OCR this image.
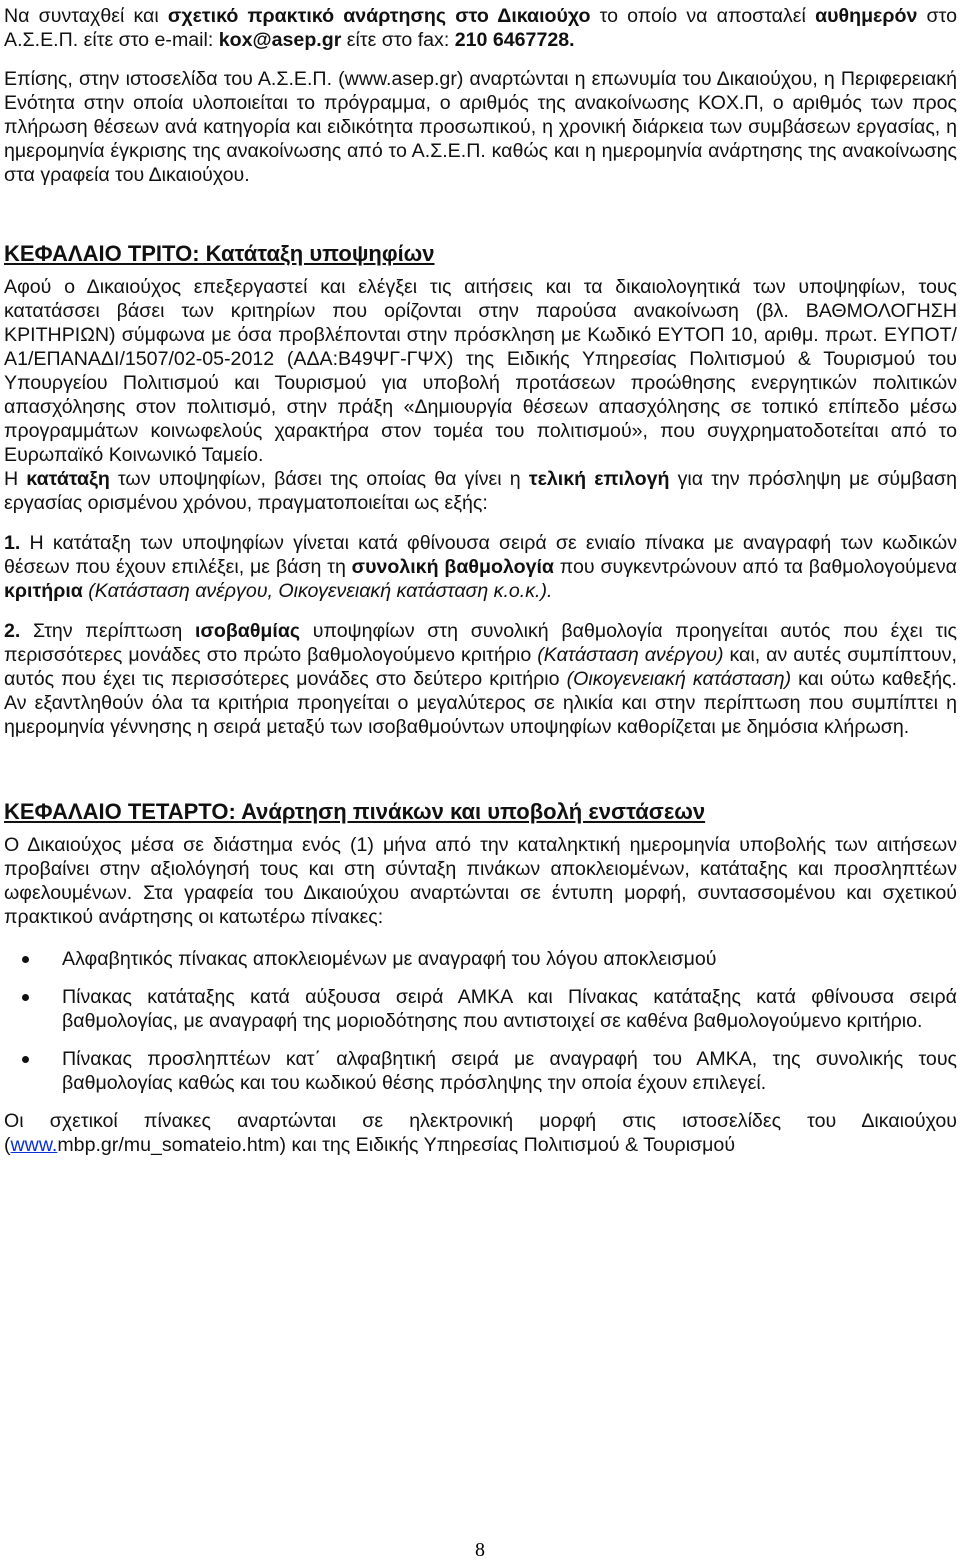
Να συνταχθεί και σχετικό πρακτικό ανάρτησης στο Δικαιούχο το οποίο να αποσταλεί αυθημερόν στο Α.Σ.Ε.Π. είτε στο e-mail: kox@asep.gr είτε στο fax: 210 6467728.

Επίσης, στην ιστοσελίδα του Α.Σ.Ε.Π. (www.asep.gr) αναρτώνται η επωνυμία του Δικαιούχου, η Περιφερειακή Ενότητα στην οποία υλοποιείται το πρόγραμμα, ο αριθμός της ανακοίνωσης ΚΟΧ.Π, ο αριθμός των προς πλήρωση θέσεων ανά κατηγορία και ειδικότητα προσωπικού, η χρονική διάρκεια των συμβάσεων εργασίας, η ημερομηνία έγκρισης της ανακοίνωσης από το Α.Σ.Ε.Π. καθώς και η ημερομηνία ανάρτησης της ανακοίνωσης στα γραφεία του Δικαιούχου.

ΚΕΦΑΛΑΙΟ ΤΡΙΤΟ: Κατάταξη υποψηφίων

Αφού ο Δικαιούχος επεξεργαστεί και ελέγξει τις αιτήσεις και τα δικαιολογητικά των υποψηφίων, τους κατατάσσει βάσει των κριτηρίων που ορίζονται στην παρούσα ανακοίνωση (βλ. ΒΑΘΜΟΛΟΓΗΣΗ ΚΡΙΤΗΡΙΩΝ) σύμφωνα με όσα προβλέπονται στην πρόσκληση με Κωδικό ΕΥΤΟΠ 10, αριθμ. πρωτ. ΕΥΠΟΤ/Α1/ΕΠΑΝΑΔΙ/1507/02-05-2012 (ΑΔΑ:Β49ΨΓ-ΓΨΧ) της Ειδικής Υπηρεσίας Πολιτισμού & Τουρισμού του Υπουργείου Πολιτισμού και Τουρισμού για υποβολή προτάσεων προώθησης ενεργητικών πολιτικών απασχόλησης στον πολιτισμό, στην πράξη «Δημιουργία θέσεων απασχόλησης σε τοπικό επίπεδο μέσω προγραμμάτων κοινωφελούς χαρακτήρα στον τομέα του πολιτισμού», που συγχρηματοδοτείται από το Ευρωπαϊκό Κοινωνικό Ταμείο.

Η κατάταξη των υποψηφίων, βάσει της οποίας θα γίνει η τελική επιλογή για την πρόσληψη με σύμβαση εργασίας ορισμένου χρόνου, πραγματοποιείται ως εξής:

1. Η κατάταξη των υποψηφίων γίνεται κατά φθίνουσα σειρά σε ενιαίο πίνακα με αναγραφή των κωδικών θέσεων που έχουν επιλέξει, με βάση τη συνολική βαθμολογία που συγκεντρώνουν από τα βαθμολογούμενα κριτήρια (Κατάσταση ανέργου, Οικογενειακή κατάσταση κ.ο.κ.).

2. Στην περίπτωση ισοβαθμίας υποψηφίων στη συνολική βαθμολογία προηγείται αυτός που έχει τις περισσότερες μονάδες στο πρώτο βαθμολογούμενο κριτήριο (Κατάσταση ανέργου) και, αν αυτές συμπίπτουν, αυτός που έχει τις περισσότερες μονάδες στο δεύτερο κριτήριο (Οικογενειακή κατάσταση) και ούτω καθεξής. Αν εξαντληθούν όλα τα κριτήρια προηγείται ο μεγαλύτερος σε ηλικία και στην περίπτωση που συμπίπτει η ημερομηνία γέννησης η σειρά μεταξύ των ισοβαθμούντων υποψηφίων καθορίζεται με δημόσια κλήρωση.

ΚΕΦΑΛΑΙΟ ΤΕΤΑΡΤΟ: Ανάρτηση πινάκων και υποβολή ενστάσεων

Ο Δικαιούχος μέσα σε διάστημα ενός (1) μήνα από την καταληκτική ημερομηνία υποβολής των αιτήσεων προβαίνει στην αξιολόγησή τους και στη σύνταξη πινάκων αποκλειομένων, κατάταξης και προσληπτέων ωφελουμένων. Στα γραφεία του Δικαιούχου αναρτώνται σε έντυπη μορφή, συντασσομένου και σχετικού πρακτικού ανάρτησης οι κατωτέρω πίνακες:

Αλφαβητικός πίνακας αποκλειομένων με αναγραφή του λόγου αποκλεισμού
Πίνακας κατάταξης κατά αύξουσα σειρά ΑΜΚΑ και Πίνακας κατάταξης κατά φθίνουσα σειρά βαθμολογίας, με αναγραφή της μοριοδότησης που αντιστοιχεί σε καθένα βαθμολογούμενο κριτήριο.
Πίνακας προσληπτέων κατ΄ αλφαβητική σειρά με αναγραφή του ΑΜΚΑ, της συνολικής τους βαθμολογίας καθώς και του κωδικού θέσης πρόσληψης την οποία έχουν επιλεγεί.

Οι σχετικοί πίνακες αναρτώνται σε ηλεκτρονική μορφή στις ιστοσελίδες του Δικαιούχου (www.mbp.gr/mu_somateio.htm) και της Ειδικής Υπηρεσίας Πολιτισμού & Τουρισμού

8
